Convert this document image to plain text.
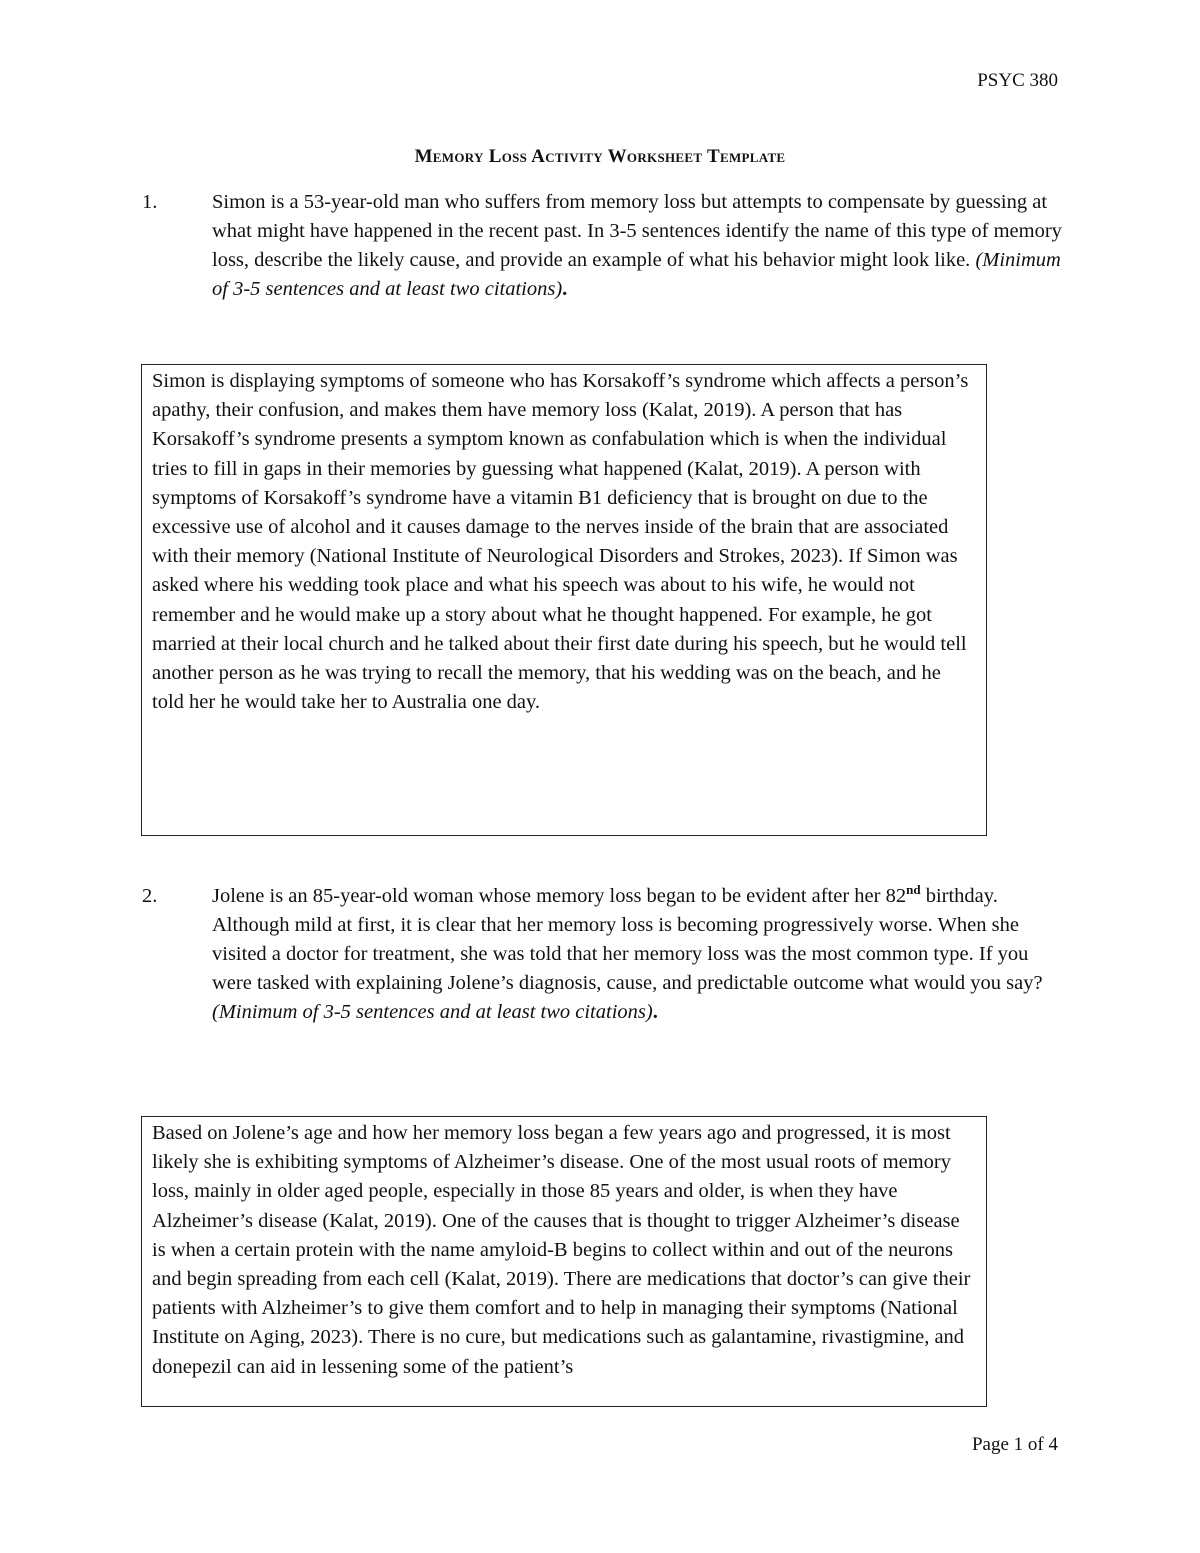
PSYC 380
Memory Loss Activity Worksheet Template
1.	Simon is a 53-year-old man who suffers from memory loss but attempts to compensate by guessing at what might have happened in the recent past. In 3-5 sentences identify the name of this type of memory loss, describe the likely cause, and provide an example of what his behavior might look like. (Minimum of 3-5 sentences and at least two citations).

Simon is displaying symptoms of someone who has Korsakoff’s syndrome which affects a person’s apathy, their confusion, and makes them have memory loss (Kalat, 2019). A person that has Korsakoff’s syndrome presents a symptom known as confabulation which is when the individual tries to fill in gaps in their memories by guessing what happened (Kalat, 2019). A person with symptoms of Korsakoff’s syndrome have a vitamin B1 deficiency that is brought on due to the excessive use of alcohol and it causes damage to the nerves inside of the brain that are associated with their memory (National Institute of Neurological Disorders and Strokes, 2023). If Simon was asked where his wedding took place and what his speech was about to his wife, he would not remember and he would make up a story about what he thought happened. For example, he got married at their local church and he talked about their first date during his speech, but he would tell another person as he was trying to recall the memory, that his wedding was on the beach, and he told her he would take her to Australia one day.

2.	Jolene is an 85-year-old woman whose memory loss began to be evident after her 82nd birthday. Although mild at first, it is clear that her memory loss is becoming progressively worse. When she visited a doctor for treatment, she was told that her memory loss was the most common type. If you were tasked with explaining Jolene’s diagnosis, cause, and predictable outcome what would you say? (Minimum of 3-5 sentences and at least two citations).

Based on Jolene’s age and how her memory loss began a few years ago and progressed, it is most likely she is exhibiting symptoms of Alzheimer’s disease. One of the most usual roots of memory loss, mainly in older aged people, especially in those 85 years and older, is when they have Alzheimer’s disease (Kalat, 2019). One of the causes that is thought to trigger Alzheimer’s disease is when a certain protein with the name amyloid-B begins to collect within and out of the neurons and begin spreading from each cell (Kalat, 2019). There are medications that doctor’s can give their patients with Alzheimer’s to give them comfort and to help in managing their symptoms (National Institute on Aging, 2023). There is no cure, but medications such as galantamine, rivastigmine, and donepezil can aid in lessening some of the patient’s

Page 1 of 4
